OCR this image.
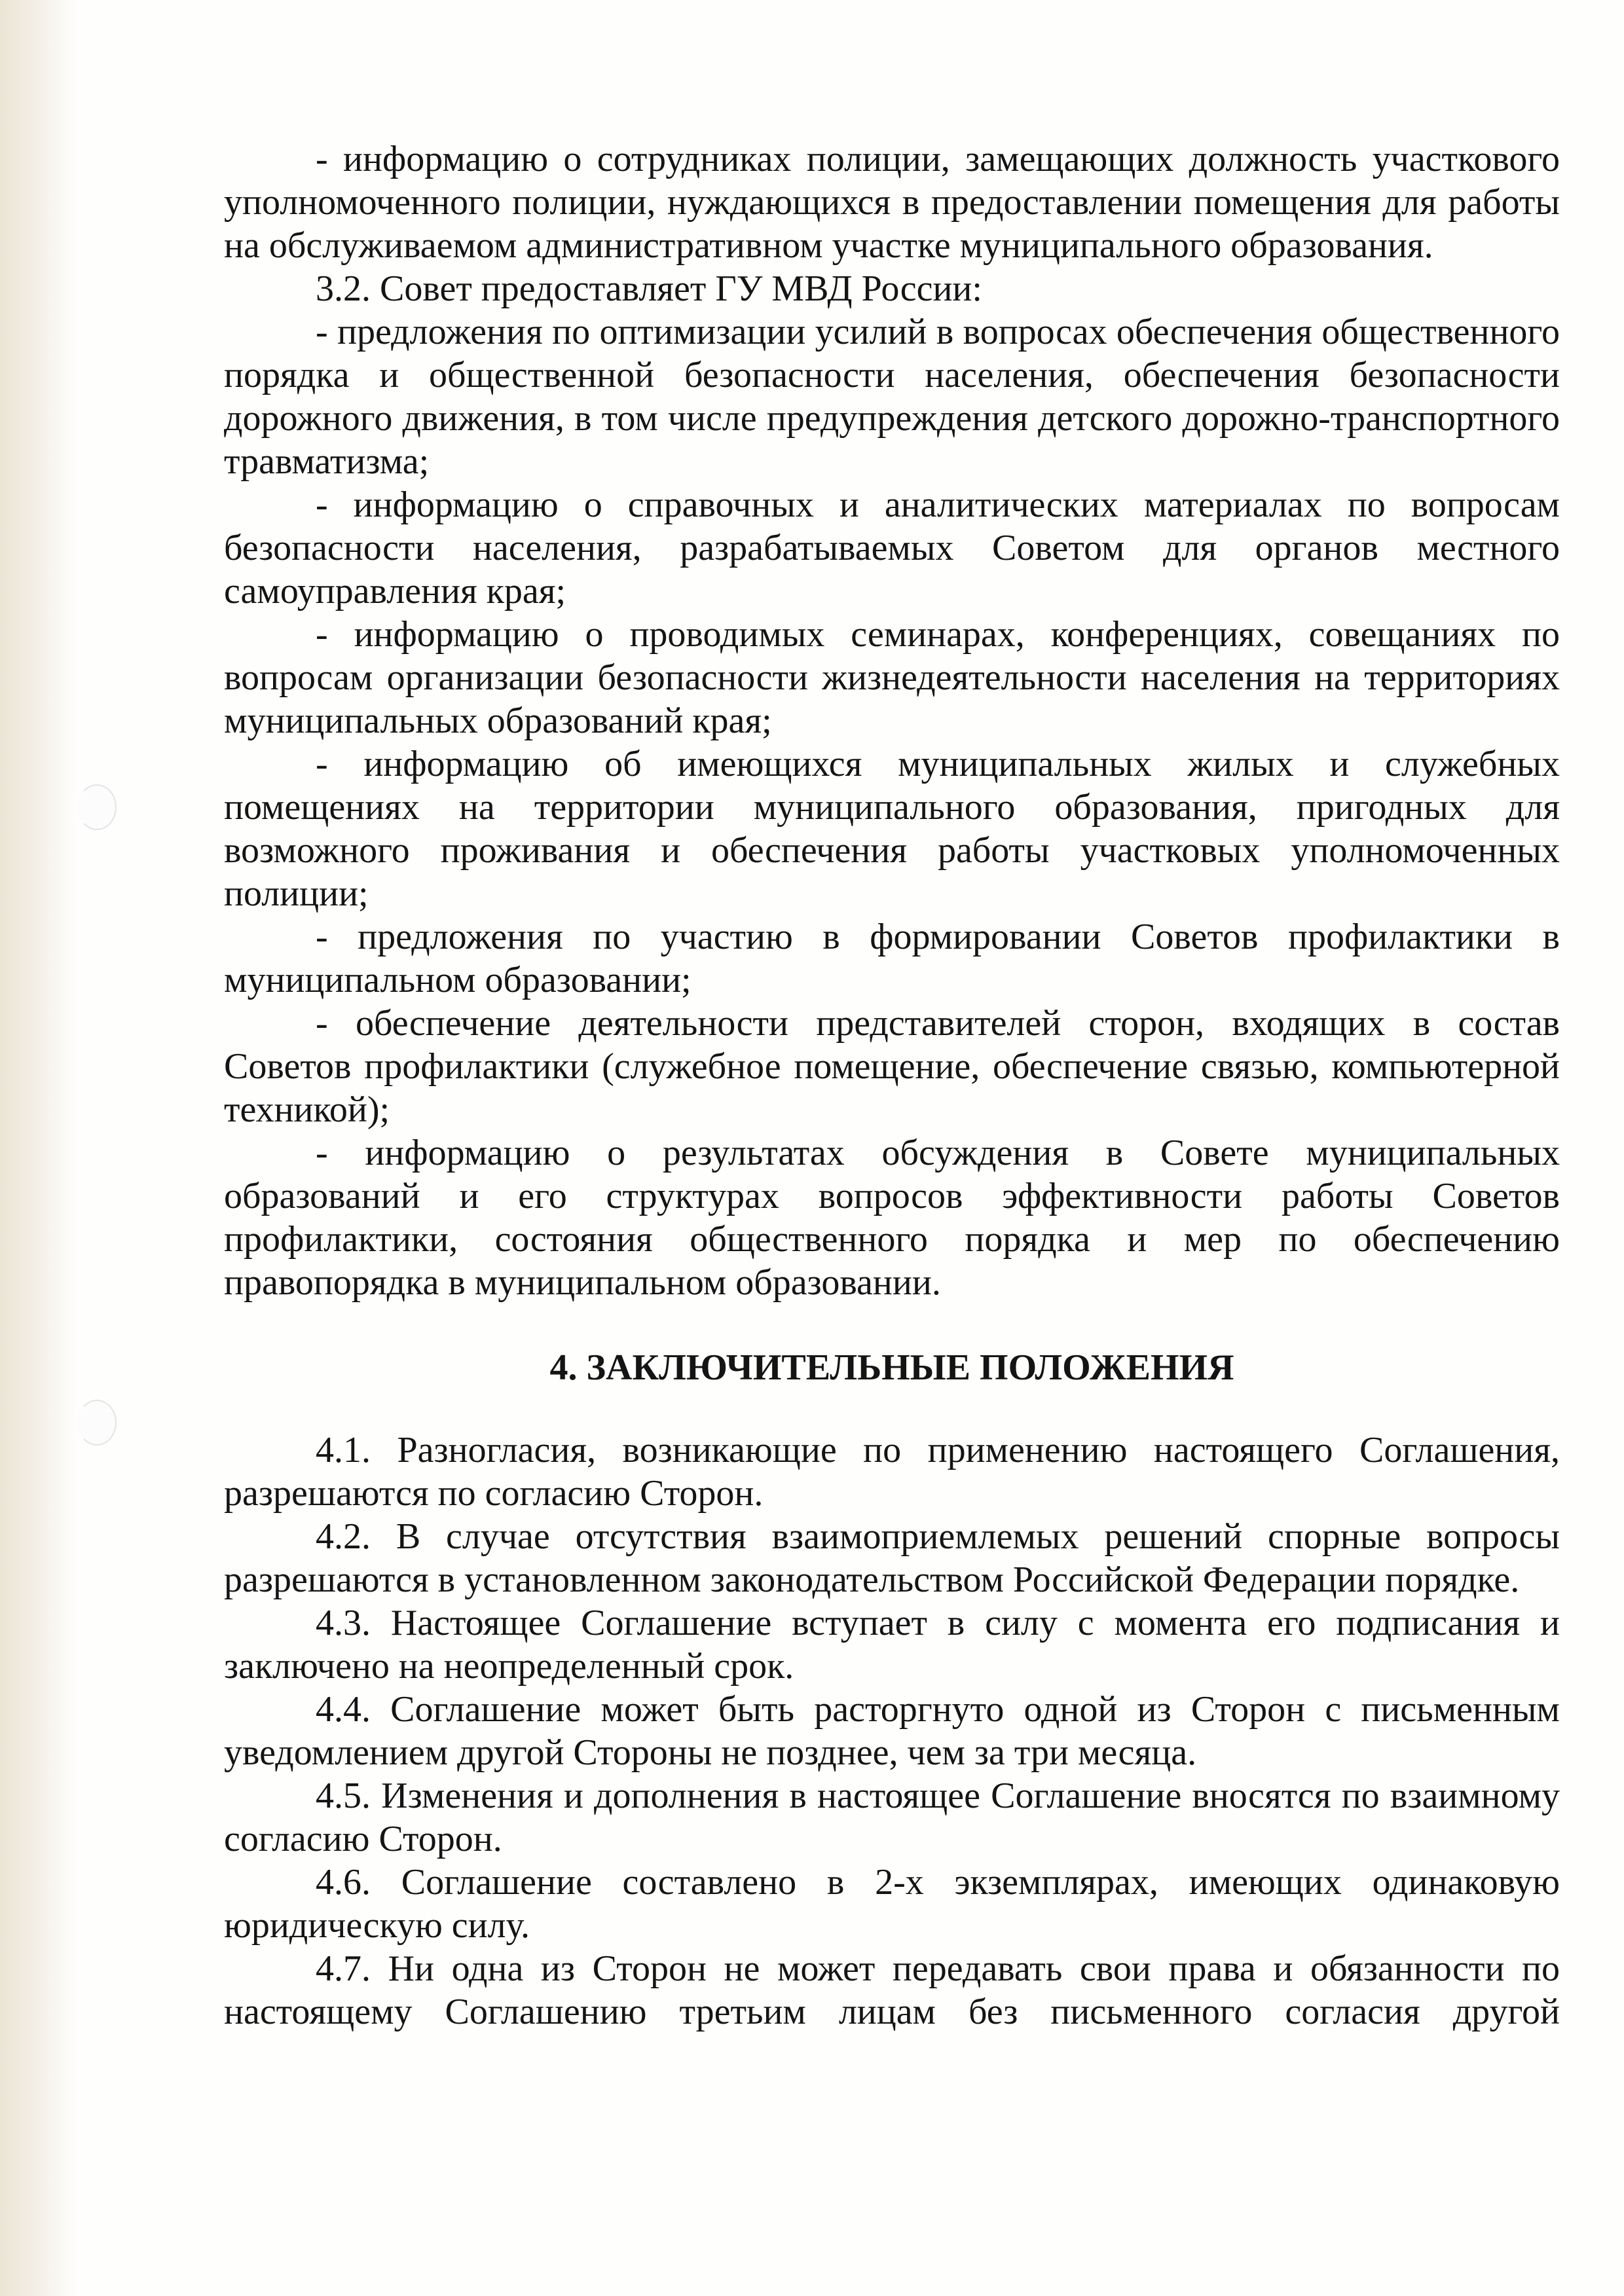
- информацию о сотрудниках полиции, замещающих должность участкового уполномоченного полиции, нуждающихся в предоставлении помещения для работы на обслуживаемом административном участке муниципального образования.

3.2. Совет предоставляет ГУ МВД России:

- предложения по оптимизации усилий в вопросах обеспечения общественного порядка и общественной безопасности населения, обеспечения безопасности дорожного движения, в том числе предупреждения детского дорожно-транспортного травматизма;

- информацию о справочных и аналитических материалах по вопросам безопасности населения, разрабатываемых Советом для органов местного самоуправления края;

- информацию о проводимых семинарах, конференциях, совещаниях по вопросам организации безопасности жизнедеятельности населения на территориях муниципальных образований края;

- информацию об имеющихся муниципальных жилых и служебных помещениях на территории муниципального образования, пригодных для возможного проживания и обеспечения работы участковых уполномоченных полиции;

- предложения по участию в формировании Советов профилактики в муниципальном образовании;

- обеспечение деятельности представителей сторон, входящих в состав Советов профилактики (служебное помещение, обеспечение связью, компьютерной техникой);

- информацию о результатах обсуждения в Совете муниципальных образований и его структурах вопросов эффективности работы Советов профилактики, состояния общественного порядка и мер по обеспечению правопорядка в муниципальном образовании.

4. ЗАКЛЮЧИТЕЛЬНЫЕ ПОЛОЖЕНИЯ

4.1. Разногласия, возникающие по применению настоящего Соглашения, разрешаются по согласию Сторон.

4.2. В случае отсутствия взаимоприемлемых решений спорные вопросы разрешаются в установленном законодательством Российской Федерации порядке.

4.3. Настоящее Соглашение вступает в силу с момента его подписания и заключено на неопределенный срок.

4.4. Соглашение может быть расторгнуто одной из Сторон с письменным уведомлением другой Стороны не позднее, чем за три месяца.

4.5. Изменения и дополнения в настоящее Соглашение вносятся по взаимному согласию Сторон.

4.6. Соглашение составлено в 2-х экземплярах, имеющих одинаковую юридическую силу.

4.7. Ни одна из Сторон не может передавать свои права и обязанности по настоящему Соглашению третьим лицам без письменного согласия другой
